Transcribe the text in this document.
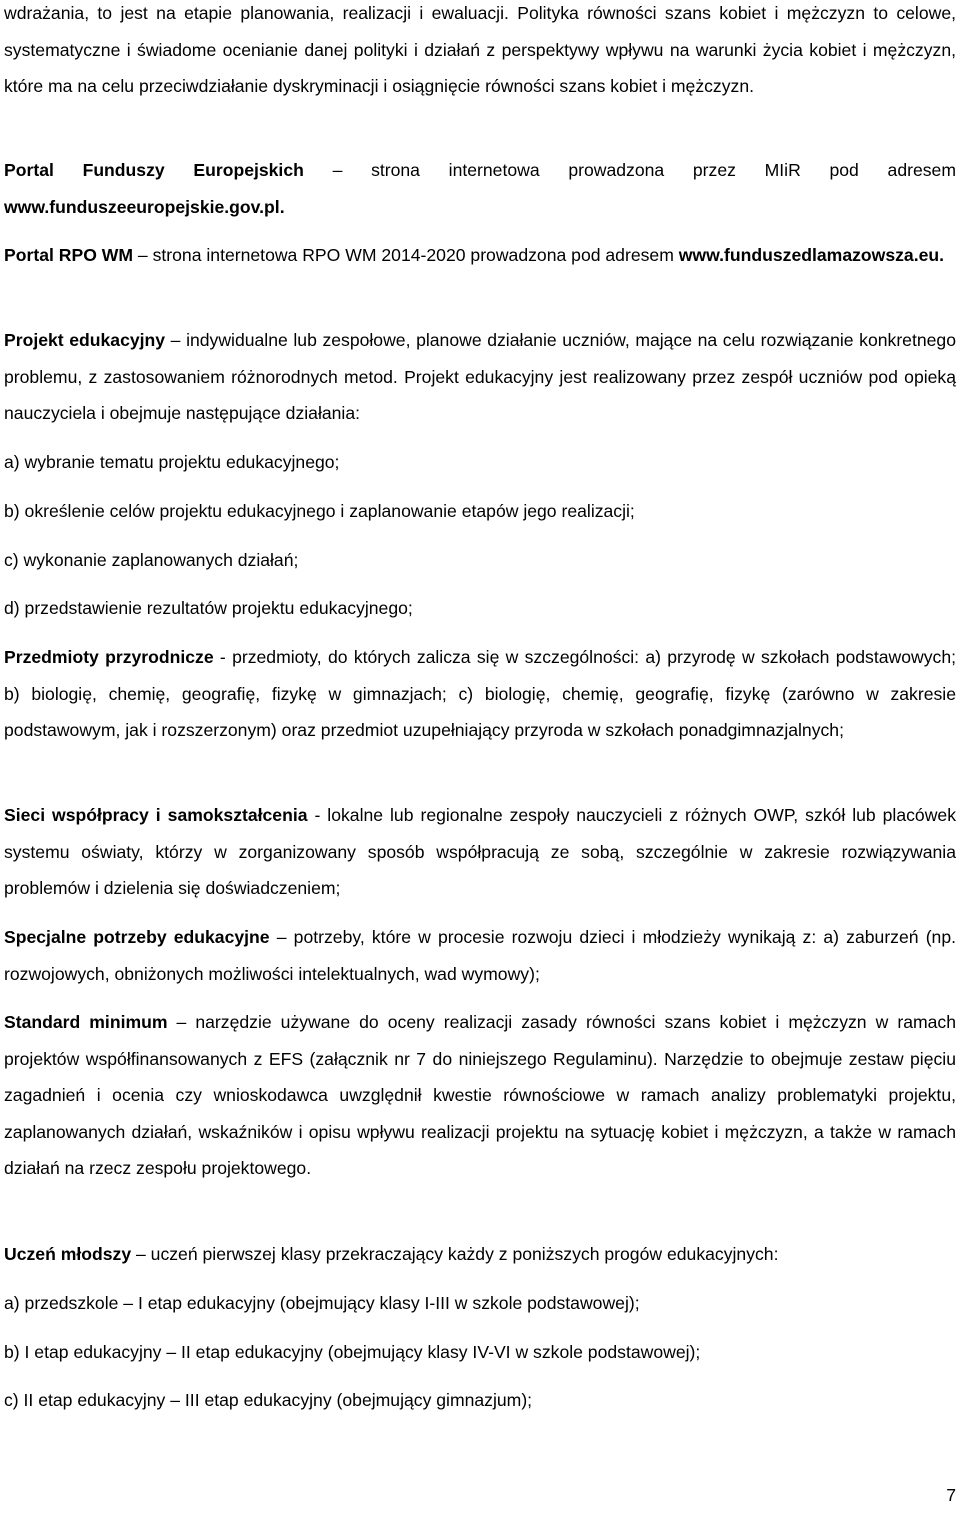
wdrażania, to jest na etapie planowania, realizacji i ewaluacji. Polityka równości szans kobiet i mężczyzn to celowe, systematyczne i świadome ocenianie danej polityki i działań z perspektywy wpływu na warunki życia kobiet i mężczyzn, które ma na celu przeciwdziałanie dyskryminacji i osiągnięcie równości szans kobiet i mężczyzn.

Portal Funduszy Europejskich – strona internetowa prowadzona przez MIiR pod adresem www.funduszeeuropejskie.gov.pl.

Portal RPO WM – strona internetowa RPO WM 2014-2020 prowadzona pod adresem www.funduszedlamazowsza.eu.

Projekt edukacyjny – indywidualne lub zespołowe, planowe działanie uczniów, mające na celu rozwiązanie konkretnego problemu, z zastosowaniem różnorodnych metod. Projekt edukacyjny jest realizowany przez zespół uczniów pod opieką nauczyciela i obejmuje następujące działania:

a) wybranie tematu projektu edukacyjnego;

b) określenie celów projektu edukacyjnego i zaplanowanie etapów jego realizacji;

c) wykonanie zaplanowanych działań;

d) przedstawienie rezultatów projektu edukacyjnego;

Przedmioty przyrodnicze - przedmioty, do których zalicza się w szczególności: a) przyrodę w szkołach podstawowych; b) biologię, chemię, geografię, fizykę w gimnazjach; c) biologię, chemię, geografię, fizykę (zarówno w zakresie podstawowym, jak i rozszerzonym) oraz przedmiot uzupełniający przyroda w szkołach ponadgimnazjalnych;

Sieci współpracy i samokształcenia - lokalne lub regionalne zespoły nauczycieli z różnych OWP, szkół lub placówek systemu oświaty, którzy w zorganizowany sposób współpracują ze sobą, szczególnie w zakresie rozwiązywania problemów i dzielenia się doświadczeniem;

Specjalne potrzeby edukacyjne – potrzeby, które w procesie rozwoju dzieci i młodzieży wynikają z: a) zaburzeń (np. rozwojowych, obniżonych możliwości intelektualnych, wad wymowy);

Standard minimum – narzędzie używane do oceny realizacji zasady równości szans kobiet i mężczyzn w ramach projektów współfinansowanych z EFS (załącznik nr 7 do niniejszego Regulaminu). Narzędzie to obejmuje zestaw pięciu zagadnień i ocenia czy wnioskodawca uwzględnił kwestie równościowe w ramach analizy problematyki projektu, zaplanowanych działań, wskaźników i opisu wpływu realizacji projektu na sytuację kobiet i mężczyzn, a także w ramach działań na rzecz zespołu projektowego.

Uczeń młodszy – uczeń pierwszej klasy przekraczający każdy z poniższych progów edukacyjnych:

a) przedszkole – I etap edukacyjny (obejmujący klasy I-III w szkole podstawowej);

b) I etap edukacyjny – II etap edukacyjny (obejmujący klasy IV-VI w szkole podstawowej);

c) II etap edukacyjny – III etap edukacyjny (obejmujący gimnazjum);

7
